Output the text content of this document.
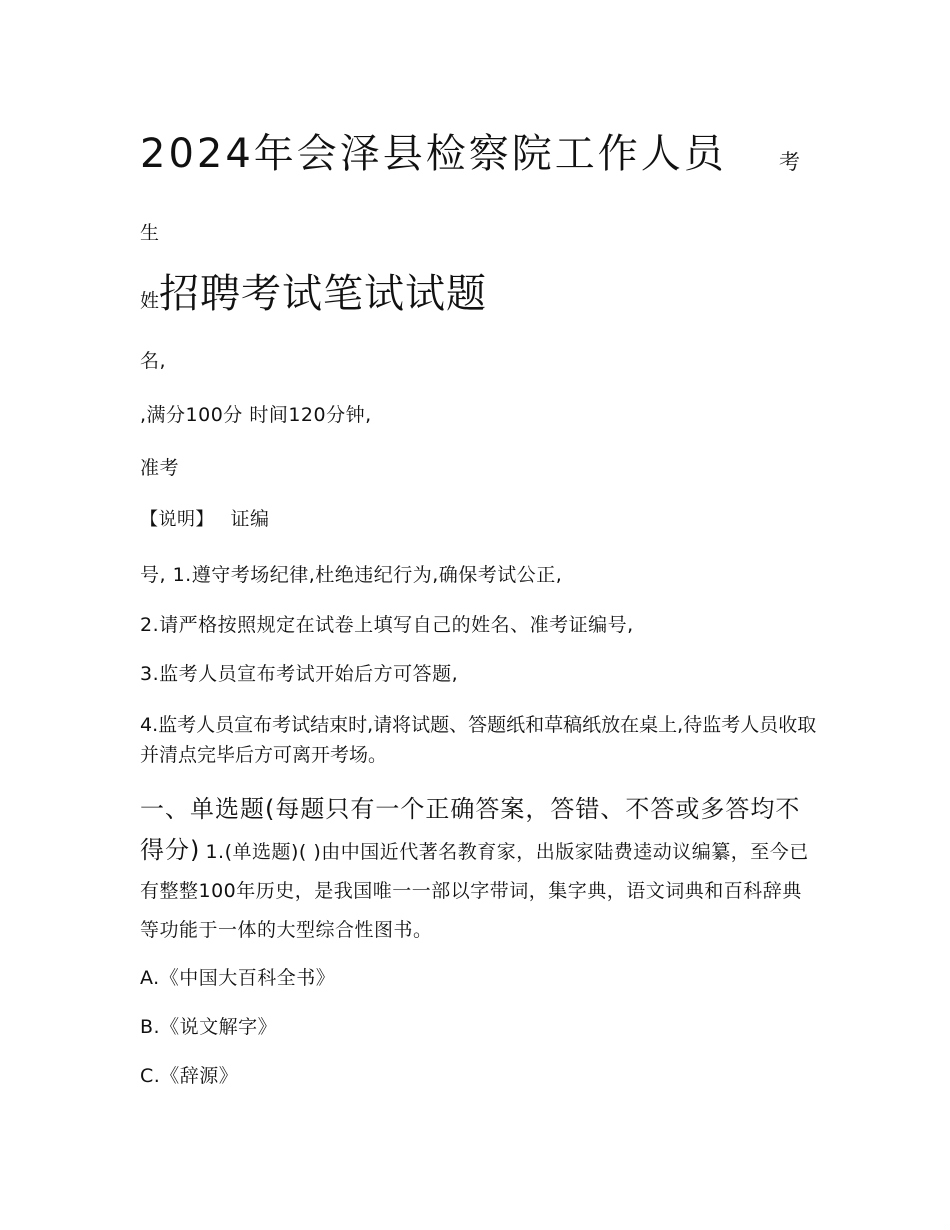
2024年会泽县检察院工作人员 考
生
姓招聘考试笔试试题
名,
,满分100分 时间120分钟,
准考
【说明】 证编
号, 1.遵守考场纪律,杜绝违纪行为,确保考试公正,
2.请严格按照规定在试卷上填写自己的姓名、准考证编号,
3.监考人员宣布考试开始后方可答题,
4.监考人员宣布考试结束时,请将试题、答题纸和草稿纸放在桌上,待监考人员收取并清点完毕后方可离开考场。
一、单选题(每题只有一个正确答案，答错、不答或多答均不得分) 1.(单选题)( )由中国近代著名教育家，出版家陆费逵动议编纂，至今已有整整100年历史，是我国唯一一部以字带词，集字典，语文词典和百科辞典等功能于一体的大型综合性图书。
A.《中国大百科全书》
B.《说文解字》
C.《辞源》
